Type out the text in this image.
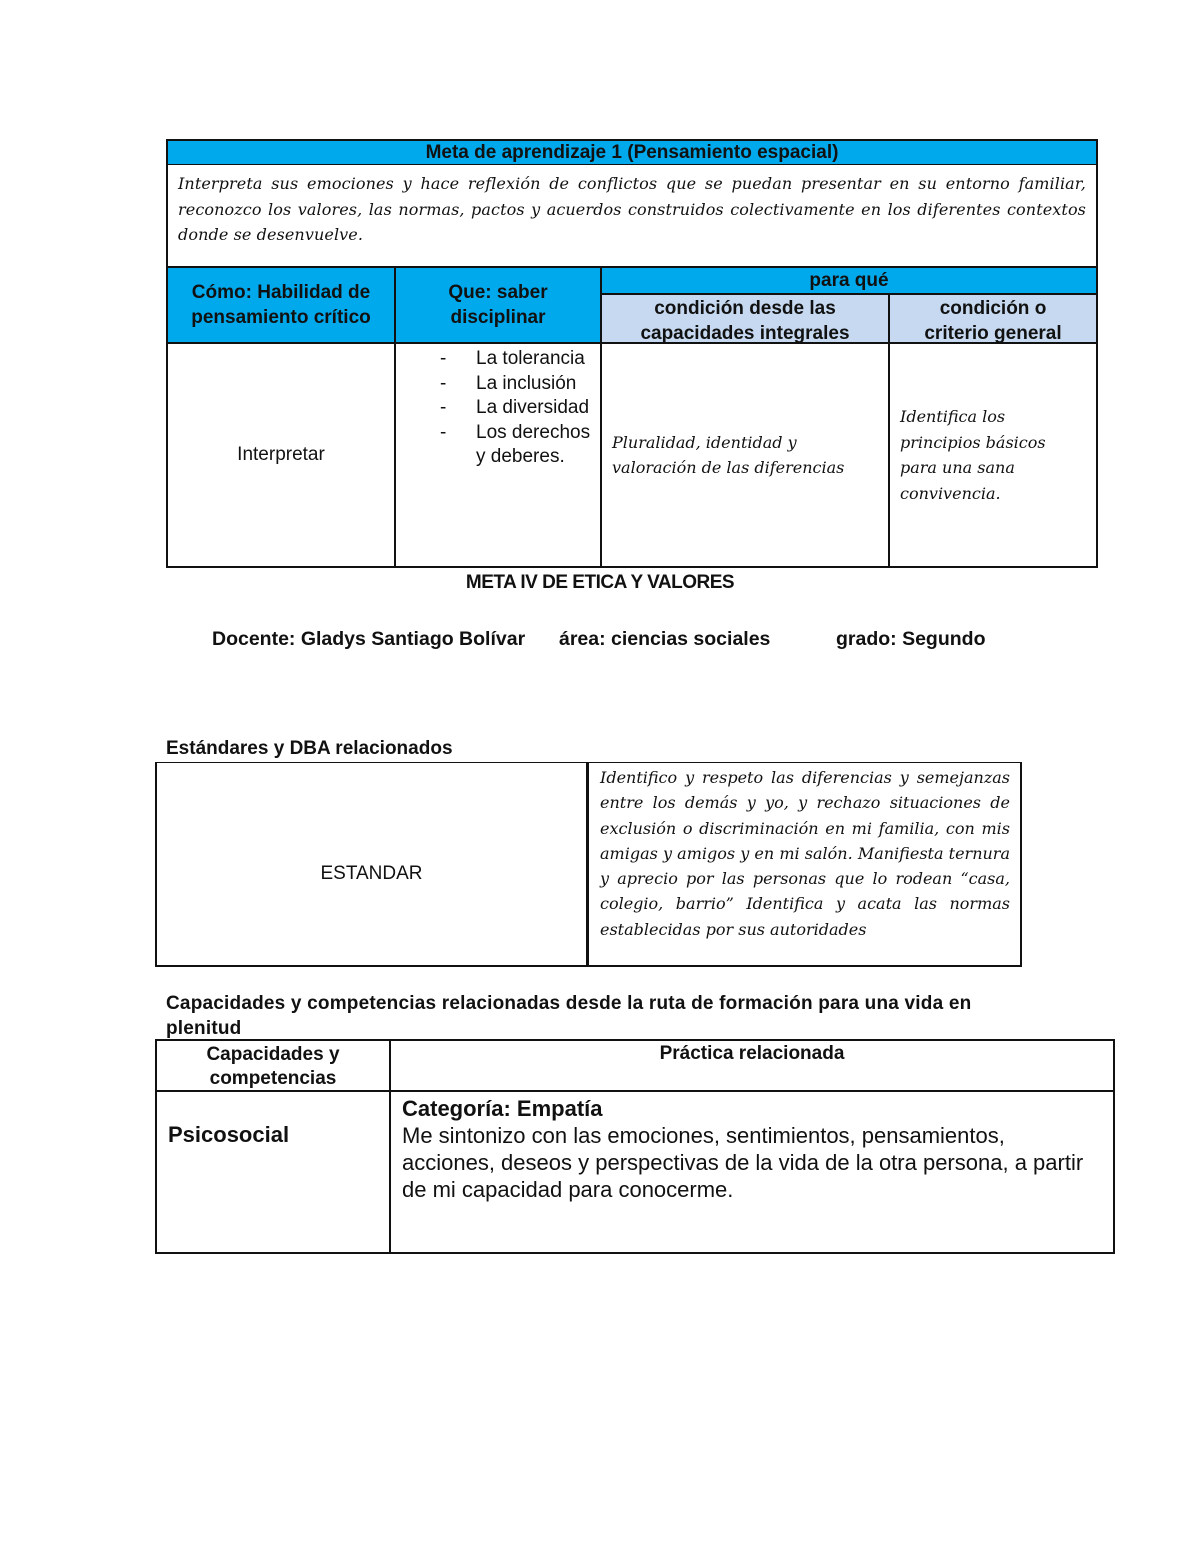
Meta de aprendizaje 1 (Pensamiento espacial)
Interpreta sus emociones y hace reflexión de conflictos que se puedan presentar en su entorno familiar, reconozco los valores, las normas, pactos y acuerdos construidos colectivamente en los diferentes contextos donde se desenvuelve.
Cómo: Habilidad de pensamiento crítico
Que: saber disciplinar
para qué
condición desde las capacidades integrales
condición o criterio general
Interpretar
- La tolerancia
- La inclusión
- La diversidad
- Los derechos y deberes.
Pluralidad, identidad y valoración de las diferencias
Identifica los principios básicos para una sana convivencia.
META IV DE ETICA Y VALORES
Docente: Gladys Santiago Bolívar área: ciencias sociales	grado: Segundo
Estándares y DBA relacionados
ESTANDAR
Identifico y respeto las diferencias y semejanzas entre los demás y yo, y rechazo situaciones de exclusión o discriminación en mi familia, con mis amigas y amigos y en mi salón. Manifiesta ternura y aprecio por las personas que lo rodean “casa, colegio, barrio” Identifica y acata las normas establecidas por sus autoridades
Capacidades y competencias relacionadas desde la ruta de formación para una vida en plenitud
Capacidades y competencias
Práctica relacionada
Psicosocial
Categoría: Empatía
Me sintonizo con las emociones, sentimientos, pensamientos, acciones, deseos y perspectivas de la vida de la otra persona, a partir de mi capacidad para conocerme.
